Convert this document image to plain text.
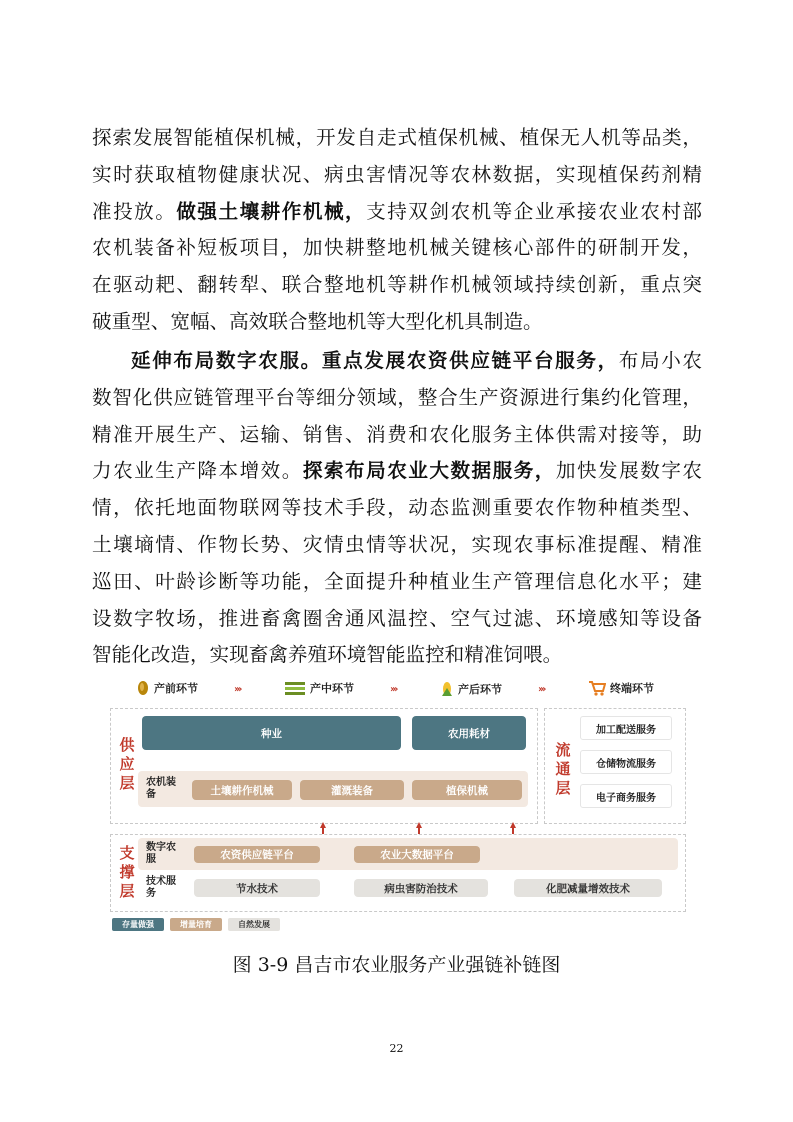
探索发展智能植保机械，开发自走式植保机械、植保无人机等品类，
实时获取植物健康状况、病虫害情况等农林数据，实现植保药剂精
准投放。做强土壤耕作机械，支持双剑农机等企业承接农业农村部
农机装备补短板项目，加快耕整地机械关键核心部件的研制开发，
在驱动耙、翻转犁、联合整地机等耕作机械领域持续创新，重点突
破重型、宽幅、高效联合整地机等大型化机具制造。
延伸布局数字农服。重点发展农资供应链平台服务，布局小农
数智化供应链管理平台等细分领域，整合生产资源进行集约化管理，
精准开展生产、运输、销售、消费和农化服务主体供需对接等，助
力农业生产降本增效。探索布局农业大数据服务，加快发展数字农
情，依托地面物联网等技术手段，动态监测重要农作物种植类型、
土壤墒情、作物长势、灾情虫情等状况，实现农事标准提醒、精准
巡田、叶龄诊断等功能，全面提升种植业生产管理信息化水平；建
设数字牧场，推进畜禽圈舍通风温控、空气过滤、环境感知等设备
智能化改造，实现畜禽养殖环境智能监控和精准饲喂。
产前环节	›››	产中环节	›››	产后环节	›››	终端环节
供应层
种业	农用耗材
农机装备	土壤耕作机械	灌溉装备	植保机械
流通层
加工配送服务
仓储物流服务
电子商务服务
支撑层
数字农服	农资供应链平台	农业大数据平台
技术服务	节水技术	病虫害防治技术	化肥减量增效技术
存量做强	增量培育	自然发展
图 3-9 昌吉市农业服务产业强链补链图
22
